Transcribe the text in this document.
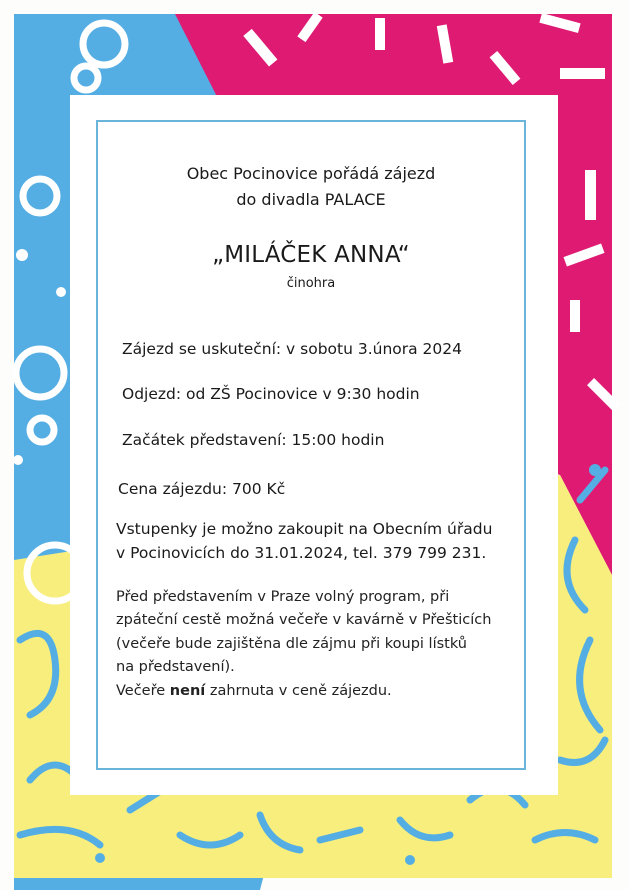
Obec Pocinovice pořádá zájezd
do divadla PALACE
„MILÁČEK ANNA“
činohra
Zájezd se uskuteční: v sobotu 3.února 2024
Odjezd: od ZŠ Pocinovice v 9:30 hodin
Začátek představení: 15:00 hodin
Cena zájezdu: 700 Kč
Vstupenky je možno zakoupit na Obecním úřadu
v Pocinovicích do 31.01.2024, tel. 379 799 231.
Před představením v Praze volný program, při
zpáteční cestě možná večeře v kavárně v Přešticích
(večeře bude zajištěna dle zájmu při koupi lístků
na představení).
Večeře není zahrnuta v ceně zájezdu.
